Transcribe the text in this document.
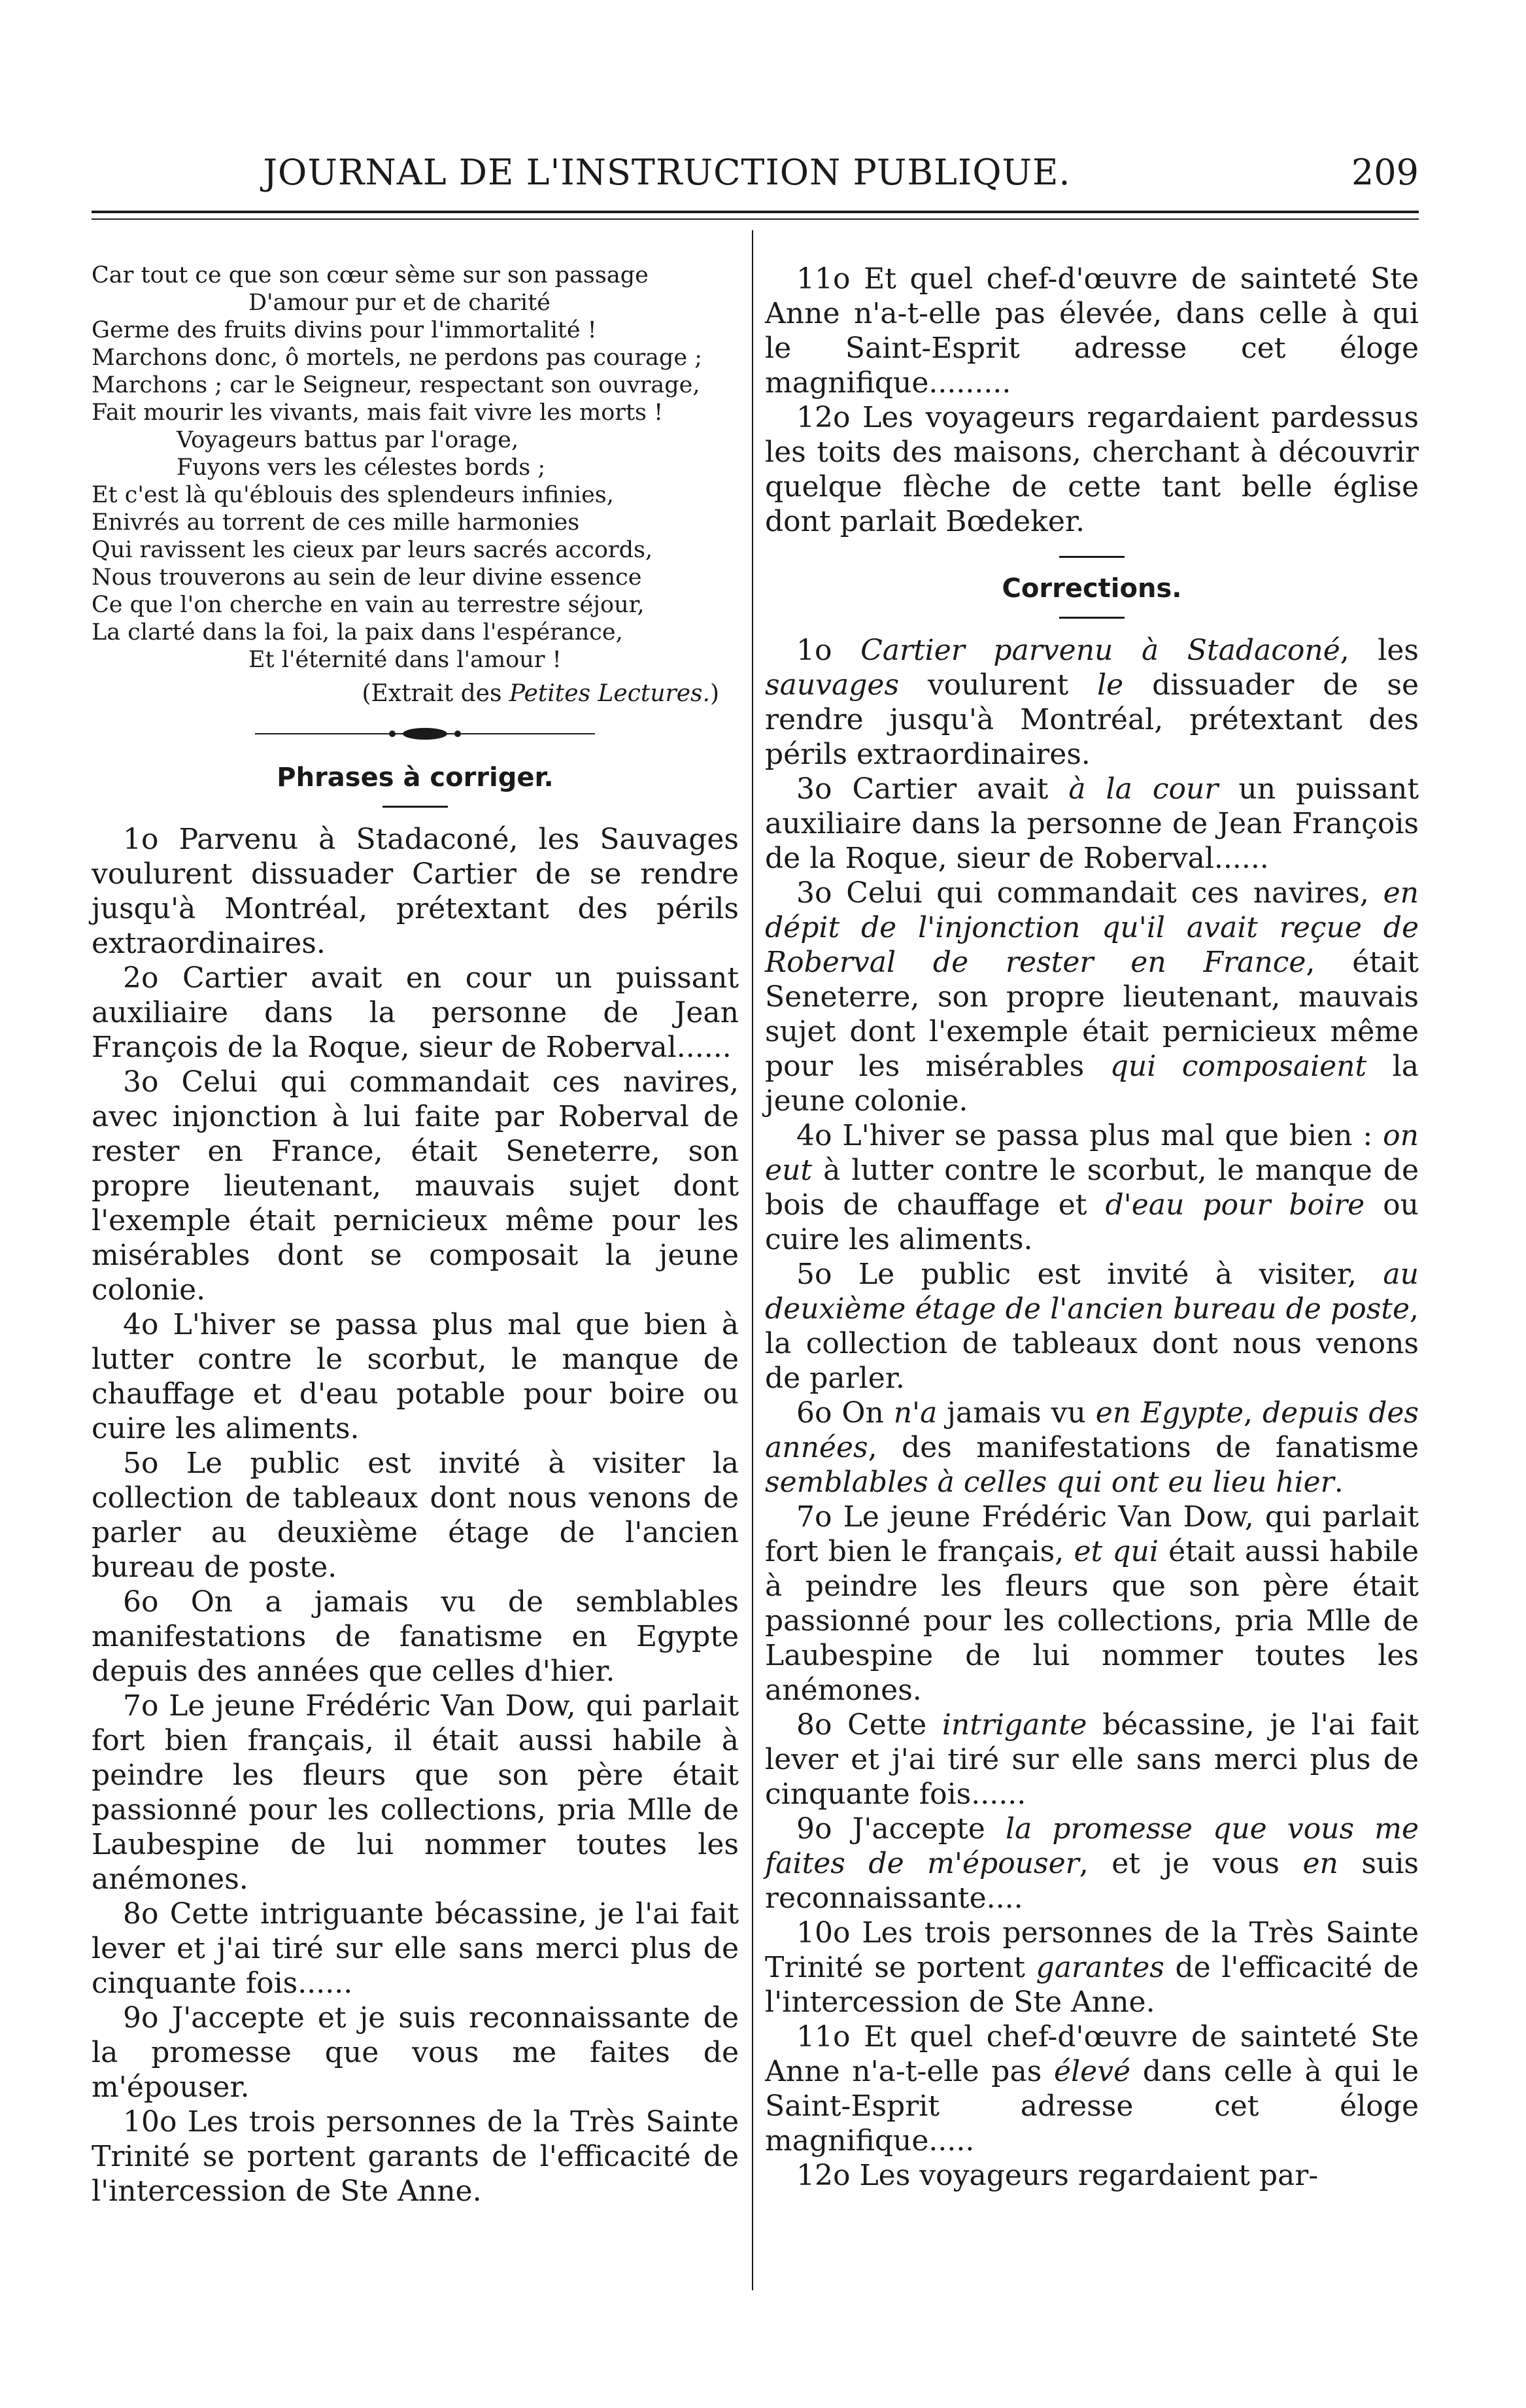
JOURNAL DE L'INSTRUCTION PUBLIQUE.	209
Car tout ce que son cœur sème sur son passage
D'amour pur et de charité
Germe des fruits divins pour l'immortalité !
Marchons donc, ô mortels, ne perdons pas courage ;
Marchons ; car le Seigneur, respectant son ouvrage,
Fait mourir les vivants, mais fait vivre les morts !
Voyageurs battus par l'orage,
Fuyons vers les célestes bords ;
Et c'est là qu'éblouis des splendeurs infinies,
Enivrés au torrent de ces mille harmonies
Qui ravissent les cieux par leurs sacrés accords,
Nous trouverons au sein de leur divine essence
Ce que l'on cherche en vain au terrestre séjour,
La clarté dans la foi, la paix dans l'espérance,
Et l'éternité dans l'amour !
(Extrait des Petites Lectures.)
Phrases à corriger.

1o Parvenu à Stadaconé, les Sauvages voulurent dissuader Cartier de se rendre jusqu'à Montréal, prétextant des périls extraordinaires.

2o Cartier avait en cour un puissant auxiliaire dans la personne de Jean François de la Roque, sieur de Roberval......

3o Celui qui commandait ces navires, avec injonction à lui faite par Roberval de rester en France, était Seneterre, son propre lieutenant, mauvais sujet dont l'exemple était pernicieux même pour les misérables dont se composait la jeune colonie.

4o L'hiver se passa plus mal que bien à lutter contre le scorbut, le manque de chauffage et d'eau potable pour boire ou cuire les aliments.

5o Le public est invité à visiter la collection de tableaux dont nous venons de parler au deuxième étage de l'ancien bureau de poste.

6o On a jamais vu de semblables manifestations de fanatisme en Egypte depuis des années que celles d'hier.

7o Le jeune Frédéric Van Dow, qui parlait fort bien français, il était aussi habile à peindre les fleurs que son père était passionné pour les collections, pria Mlle de Laubespine de lui nommer toutes les anémones.

8o Cette intriguante bécassine, je l'ai fait lever et j'ai tiré sur elle sans merci plus de cinquante fois......

9o J'accepte et je suis reconnaissante de la promesse que vous me faites de m'épouser.

10o Les trois personnes de la Très Sainte Trinité se portent garants de l'efficacité de l'intercession de Ste Anne.

11o Et quel chef-d'œuvre de sainteté Ste Anne n'a-t-elle pas élevée, dans celle à qui le Saint-Esprit adresse cet éloge magnifique.........

12o Les voyageurs regardaient pardessus les toits des maisons, cherchant à découvrir quelque flèche de cette tant belle église dont parlait Bœdeker.

Corrections.

1o Cartier parvenu à Stadaconé, les sauvages voulurent le dissuader de se rendre jusqu'à Montréal, prétextant des périls extraordinaires.

3o Cartier avait à la cour un puissant auxiliaire dans la personne de Jean François de la Roque, sieur de Roberval......

3o Celui qui commandait ces navires, en dépit de l'injonction qu'il avait reçue de Roberval de rester en France, était Seneterre, son propre lieutenant, mauvais sujet dont l'exemple était pernicieux même pour les misérables qui composaient la jeune colonie.

4o L'hiver se passa plus mal que bien : on eut à lutter contre le scorbut, le manque de bois de chauffage et d'eau pour boire ou cuire les aliments.

5o Le public est invité à visiter, au deuxième étage de l'ancien bureau de poste, la collection de tableaux dont nous venons de parler.

6o On n'a jamais vu en Egypte, depuis des années, des manifestations de fanatisme semblables à celles qui ont eu lieu hier.

7o Le jeune Frédéric Van Dow, qui parlait fort bien le français, et qui était aussi habile à peindre les fleurs que son père était passionné pour les collections, pria Mlle de Laubespine de lui nommer toutes les anémones.

8o Cette intrigante bécassine, je l'ai fait lever et j'ai tiré sur elle sans merci plus de cinquante fois......

9o J'accepte la promesse que vous me faites de m'épouser, et je vous en suis reconnaissante....

10o Les trois personnes de la Très Sainte Trinité se portent garantes de l'efficacité de l'intercession de Ste Anne.

11o Et quel chef-d'œuvre de sainteté Ste Anne n'a-t-elle pas élevé dans celle à qui le Saint-Esprit adresse cet éloge magnifique.....

12o Les voyageurs regardaient par-
